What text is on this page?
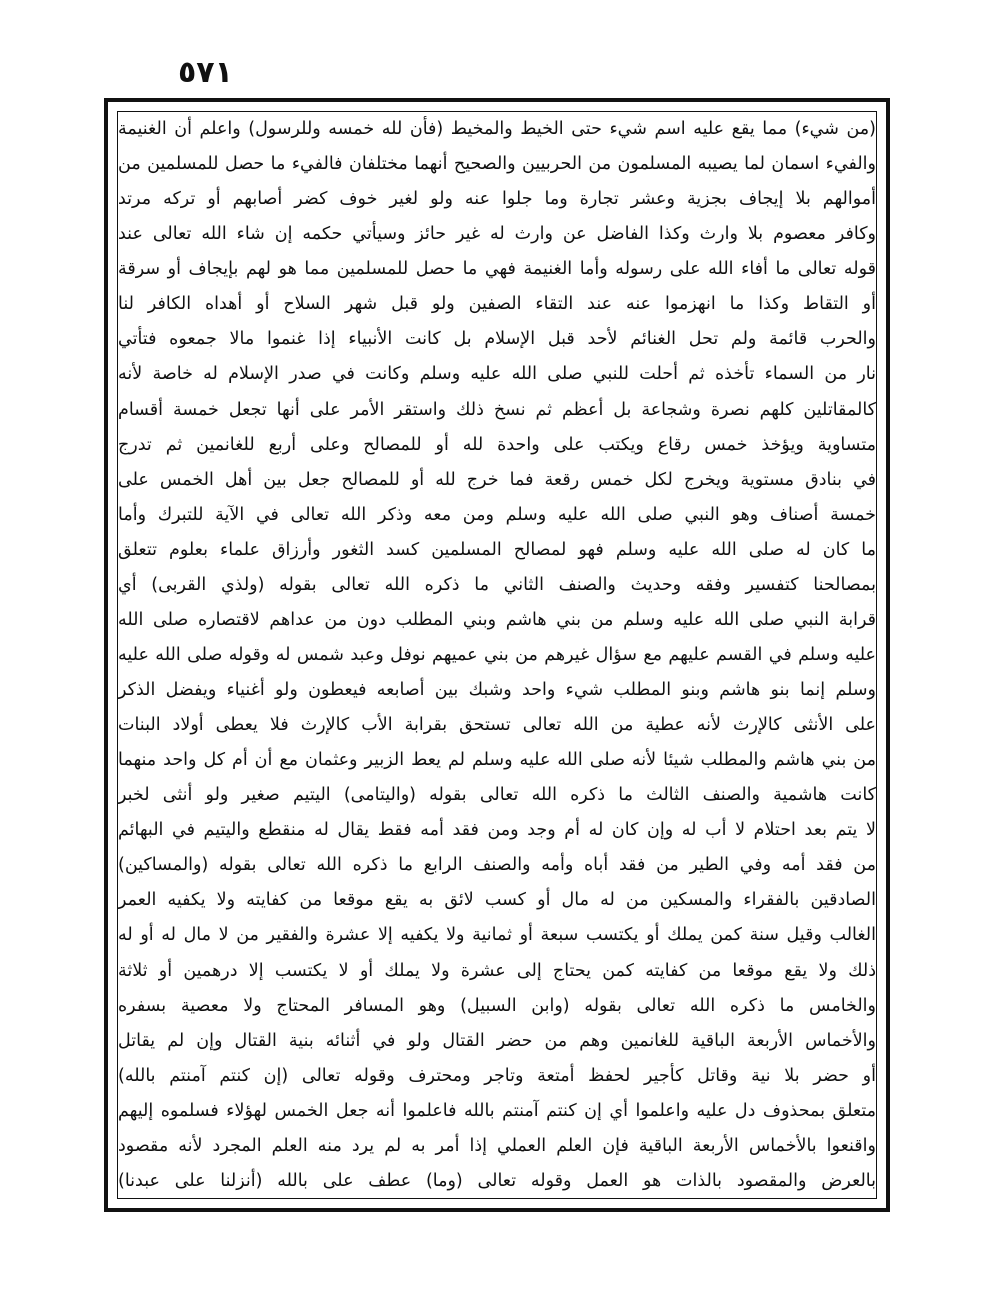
٥٧١
(من شيء) مما يقع عليه اسم شيء حتى الخيط والمخيط (فأن لله خمسه وللرسول) واعلم أن الغنيمة
والفيء اسمان لما يصيبه المسلمون من الحربيين والصحيح أنهما مختلفان فالفيء ما حصل للمسلمين من
أموالهم بلا إيجاف بجزية وعشر تجارة وما جلوا عنه ولو لغير خوف كضر أصابهم أو تركه مرتد
وكافر معصوم بلا وارث وكذا الفاضل عن وارث له غير حائز وسيأتي حكمه إن شاء الله تعالى عند
قوله تعالى ما أفاء الله على رسوله وأما الغنيمة فهي ما حصل للمسلمين مما هو لهم بإيجاف أو سرقة
أو التقاط وكذا ما انهزموا عنه عند التقاء الصفين ولو قبل شهر السلاح أو أهداه الكافر لنا
والحرب قائمة ولم تحل الغنائم لأحد قبل الإسلام بل كانت الأنبياء إذا غنموا مالا جمعوه فتأتي
نار من السماء تأخذه ثم أحلت للنبي صلى الله عليه وسلم وكانت في صدر الإسلام له خاصة لأنه
كالمقاتلين كلهم نصرة وشجاعة بل أعظم ثم نسخ ذلك واستقر الأمر على أنها تجعل خمسة أقسام
متساوية ويؤخذ خمس رقاع ويكتب على واحدة لله أو للمصالح وعلى أربع للغانمين ثم تدرج
في بنادق مستوية ويخرج لكل خمس رقعة فما خرج لله أو للمصالح جعل بين أهل الخمس على
خمسة أصناف وهو النبي صلى الله عليه وسلم ومن معه وذكر الله تعالى في الآية للتبرك وأما
ما كان له صلى الله عليه وسلم فهو لمصالح المسلمين كسد الثغور وأرزاق علماء بعلوم تتعلق
بمصالحنا كتفسير وفقه وحديث والصنف الثاني ما ذكره الله تعالى بقوله (ولذي القربى) أي
قرابة النبي صلى الله عليه وسلم من بني هاشم وبني المطلب دون من عداهم لاقتصاره صلى الله
عليه وسلم في القسم عليهم مع سؤال غيرهم من بني عميهم نوفل وعبد شمس له وقوله صلى الله عليه
وسلم إنما بنو هاشم وبنو المطلب شيء واحد وشبك بين أصابعه فيعطون ولو أغنياء ويفضل الذكر
على الأنثى كالإرث لأنه عطية من الله تعالى تستحق بقرابة الأب كالإرث فلا يعطى أولاد البنات
من بني هاشم والمطلب شيئا لأنه صلى الله عليه وسلم لم يعط الزبير وعثمان مع أن أم كل واحد منهما
كانت هاشمية والصنف الثالث ما ذكره الله تعالى بقوله (واليتامى) اليتيم صغير ولو أنثى لخبر
لا يتم بعد احتلام لا أب له وإن كان له أم وجد ومن فقد أمه فقط يقال له منقطع واليتيم في البهائم
من فقد أمه وفي الطير من فقد أباه وأمه والصنف الرابع ما ذكره الله تعالى بقوله (والمساكين)
الصادقين بالفقراء والمسكين من له مال أو كسب لائق به يقع موقعا من كفايته ولا يكفيه العمر
الغالب وقيل سنة كمن يملك أو يكتسب سبعة أو ثمانية ولا يكفيه إلا عشرة والفقير من لا مال له أو له
ذلك ولا يقع موقعا من كفايته كمن يحتاج إلى عشرة ولا يملك أو لا يكتسب إلا درهمين أو ثلاثة
والخامس ما ذكره الله تعالى بقوله (وابن السبيل) وهو المسافر المحتاج ولا معصية بسفره
والأخماس الأربعة الباقية للغانمين وهم من حضر القتال ولو في أثنائه بنية القتال وإن لم يقاتل
أو حضر بلا نية وقاتل كأجير لحفظ أمتعة وتاجر ومحترف وقوله تعالى (إن كنتم آمنتم بالله)
متعلق بمحذوف دل عليه واعلموا أي إن كنتم آمنتم بالله فاعلموا أنه جعل الخمس لهؤلاء فسلموه إليهم
واقنعوا بالأخماس الأربعة الباقية فإن العلم العملي إذا أمر به لم يرد منه العلم المجرد لأنه مقصود
بالعرض والمقصود بالذات هو العمل وقوله تعالى (وما) عطف على بالله (أنزلنا على عبدنا)
